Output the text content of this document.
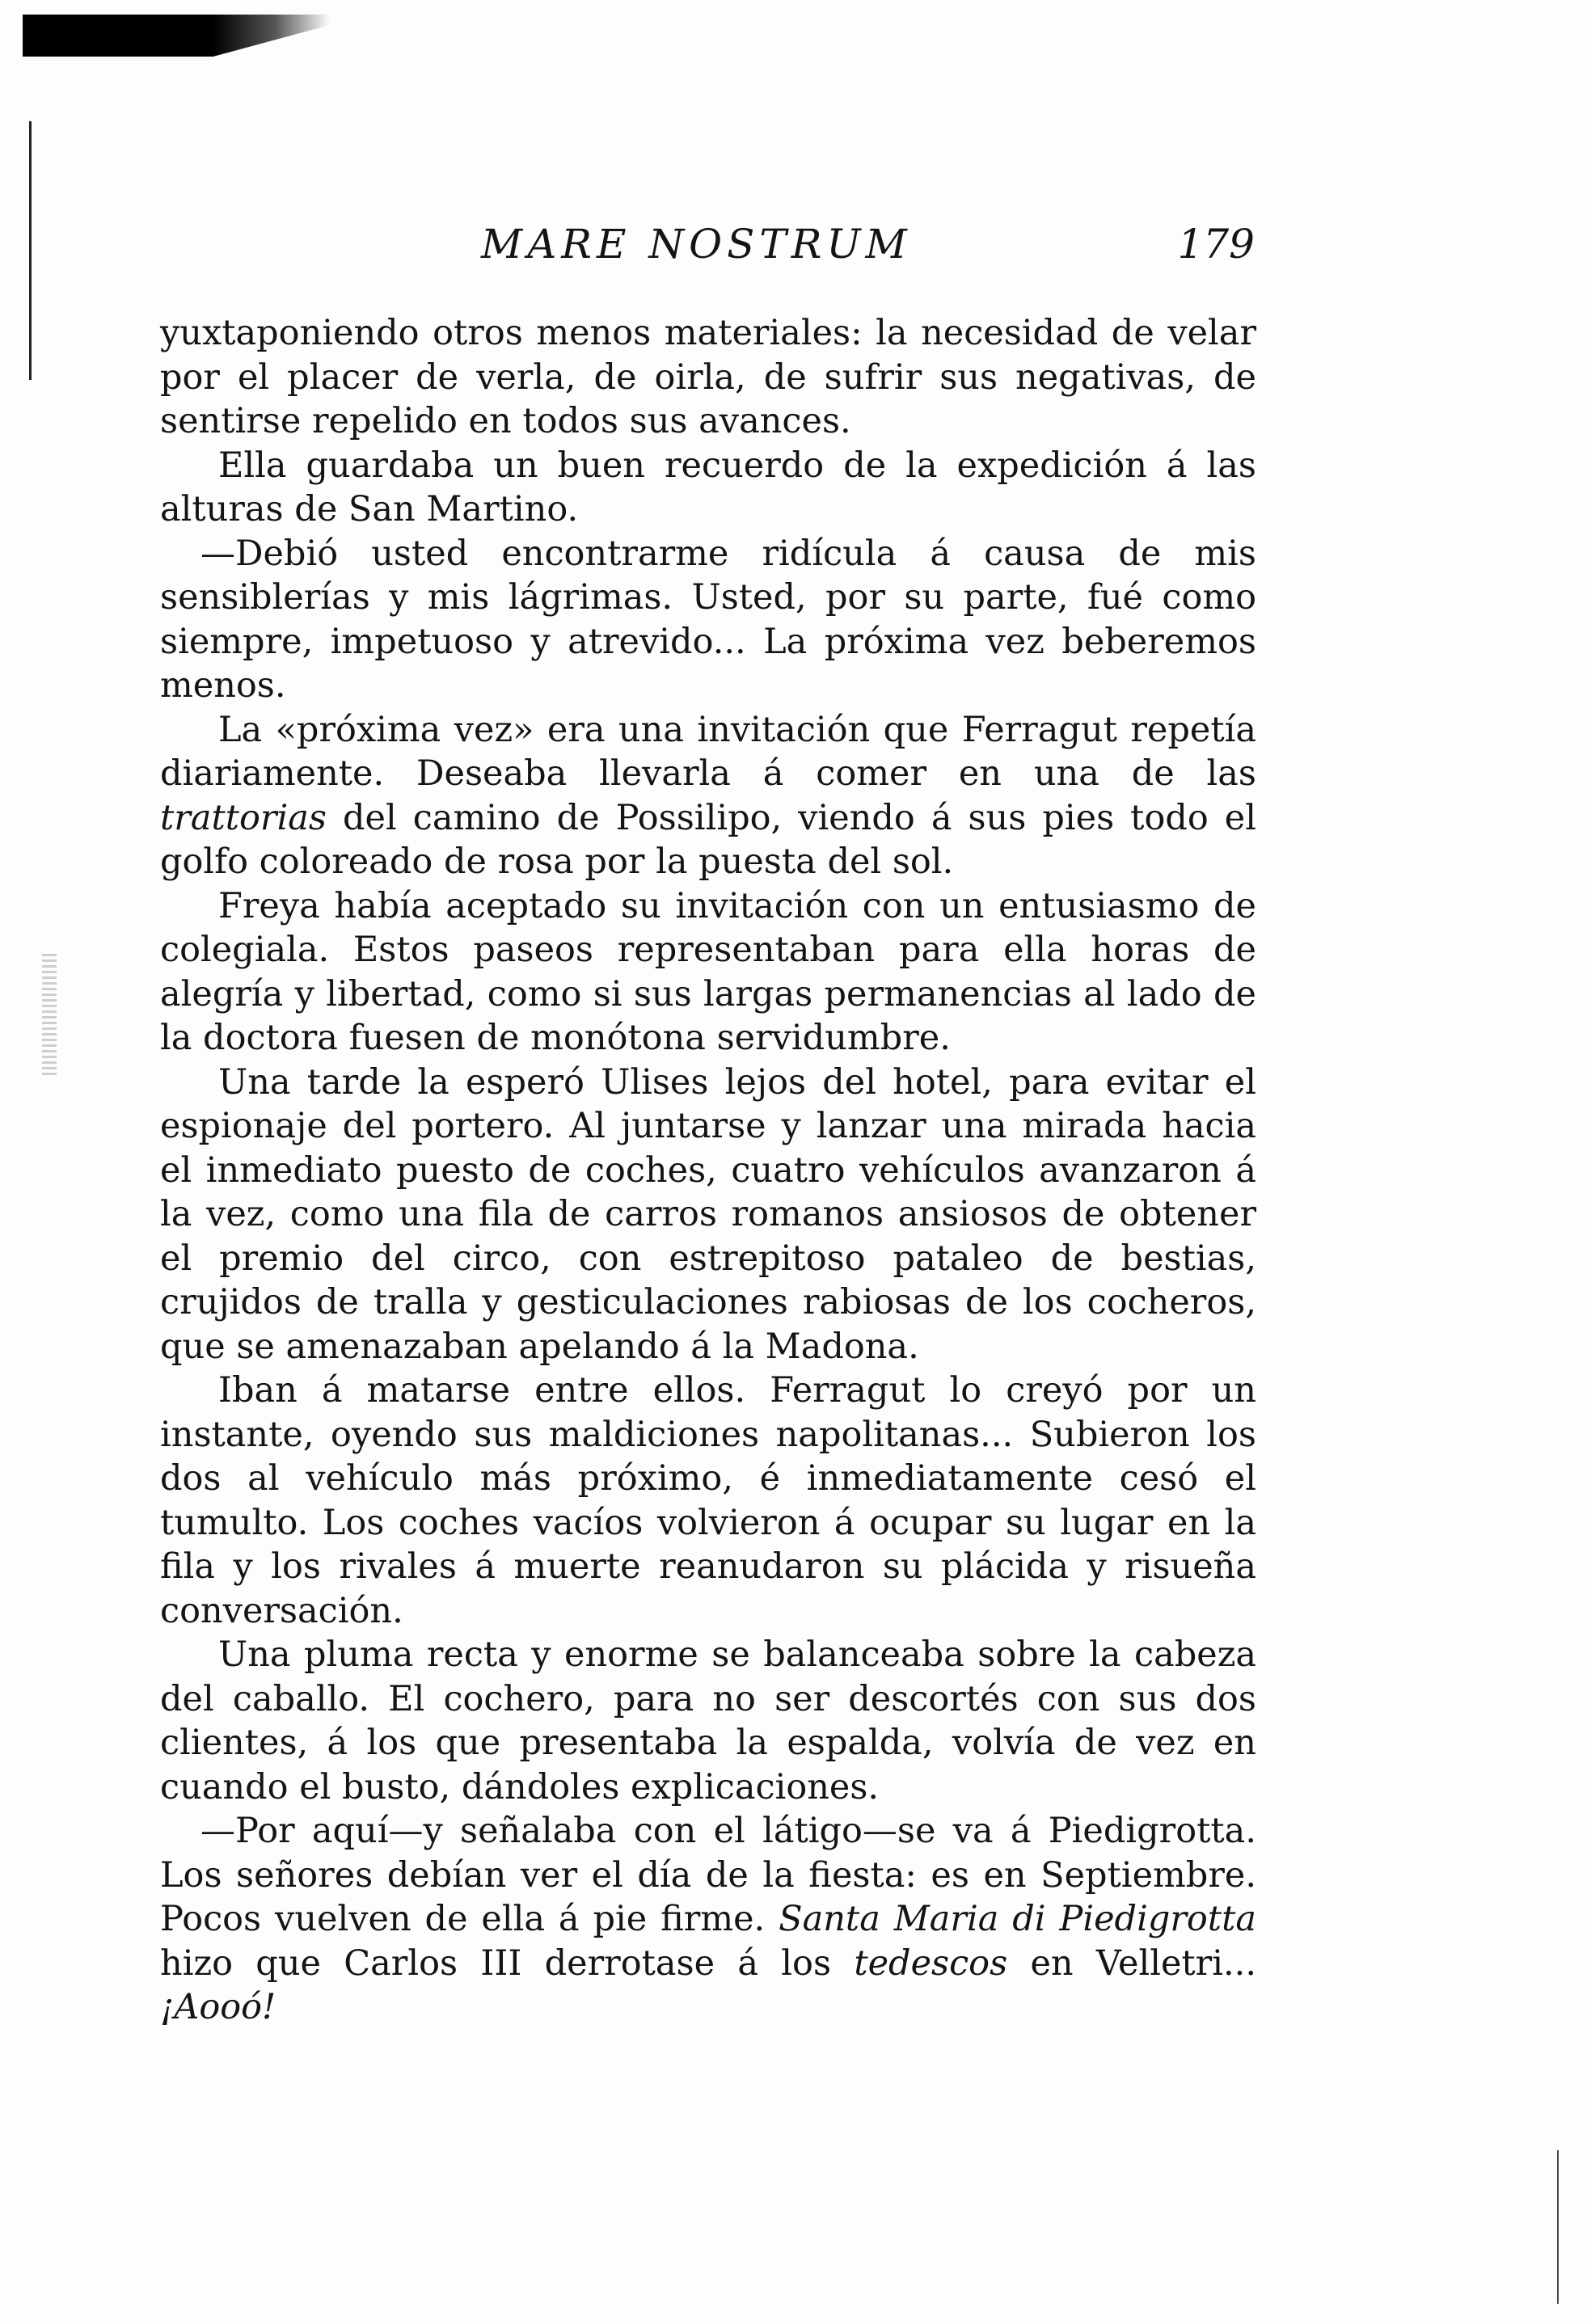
MARE NOSTRUM	179

yuxtaponiendo otros menos materiales: la necesidad de velar por el placer de verla, de oirla, de sufrir sus negativas, de sentirse repelido en todos sus avances.

Ella guardaba un buen recuerdo de la expedición á las alturas de San Martino.

—Debió usted encontrarme ridícula á causa de mis sensiblerías y mis lágrimas. Usted, por su parte, fué como siempre, impetuoso y atrevido... La próxima vez beberemos menos.

La «próxima vez» era una invitación que Ferragut repetía diariamente. Deseaba llevarla á comer en una de las trattorias del camino de Possilipo, viendo á sus pies todo el golfo coloreado de rosa por la puesta del sol.

Freya había aceptado su invitación con un entusiasmo de colegiala. Estos paseos representaban para ella horas de alegría y libertad, como si sus largas permanencias al lado de la doctora fuesen de monótona servidumbre.

Una tarde la esperó Ulises lejos del hotel, para evitar el espionaje del portero. Al juntarse y lanzar una mirada hacia el inmediato puesto de coches, cuatro vehículos avanzaron á la vez, como una fila de carros romanos ansiosos de obtener el premio del circo, con estrepitoso pataleo de bestias, crujidos de tralla y gesticulaciones rabiosas de los cocheros, que se amenazaban apelando á la Madona.

Iban á matarse entre ellos. Ferragut lo creyó por un instante, oyendo sus maldiciones napolitanas... Subieron los dos al vehículo más próximo, é inmediatamente cesó el tumulto. Los coches vacíos volvieron á ocupar su lugar en la fila y los rivales á muerte reanudaron su plácida y risueña conversación.

Una pluma recta y enorme se balanceaba sobre la cabeza del caballo. El cochero, para no ser descortés con sus dos clientes, á los que presentaba la espalda, volvía de vez en cuando el busto, dándoles explicaciones.

—Por aquí—y señalaba con el látigo—se va á Piedigrotta. Los señores debían ver el día de la fiesta: es en Septiembre. Pocos vuelven de ella á pie firme. Santa Maria di Piedigrotta hizo que Carlos III derrotase á los tedescos en Velletri... ¡Aooó!
